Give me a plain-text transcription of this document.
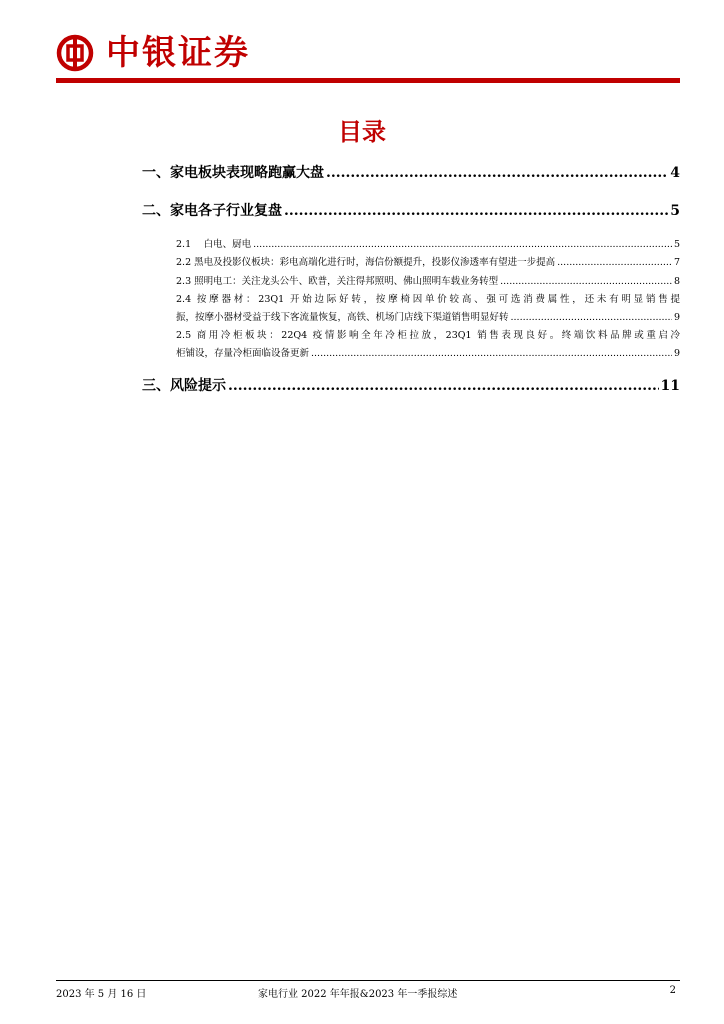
中银证券
目录
一、家电板块表现略跑赢大盘 .....	4
二、家电各子行业复盘 .....	5
2.1　 白电、厨电 .....	5
2.2 黑电及投影仪板块：彩电高端化进行时，海信份额提升，投影仪渗透率有望进一步提高 .....	7
2.3 照明电工：关注龙头公牛、欧普，关注得邦照明、佛山照明车载业务转型 .....	8
2.4 按摩器材：23Q1 开始边际好转，按摩椅因单价较高、强可选消费属性，还未有明显销售提
振，按摩小器材受益于线下客流量恢复，高铁、机场门店线下渠道销售明显好转 .....	9
2.5 商用冷柜板块：22Q4 疫情影响全年冷柜拉放，23Q1 销售表现良好。终端饮料品牌或重启冷
柜铺设，存量冷柜面临设备更新 .....	9
三、风险提示 .....	11
2023 年 5 月 16 日	家电行业 2022 年年报&2023 年一季报综述	2
